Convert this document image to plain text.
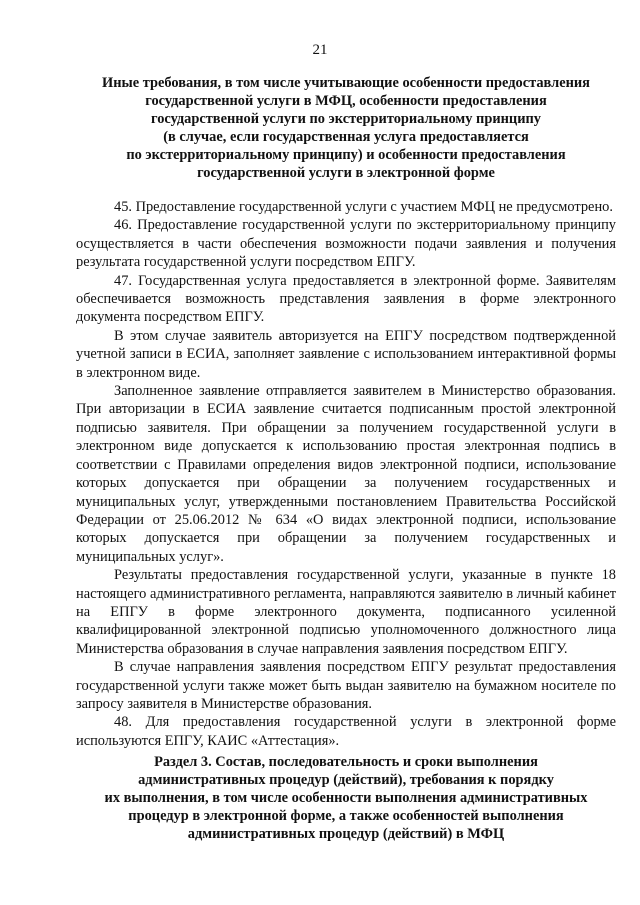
21
Иные требования, в том числе учитывающие особенности предоставления
государственной услуги в МФЦ, особенности предоставления
государственной услуги по экстерриториальному принципу
(в случае, если государственная услуга предоставляется
по экстерриториальному принципу) и особенности предоставления
государственной услуги в электронной форме

45. Предоставление государственной услуги с участием МФЦ не предусмотрено.

46. Предоставление государственной услуги по экстерриториальному принципу осуществляется в части обеспечения возможности подачи заявления и получения результата государственной услуги посредством ЕПГУ.

47. Государственная услуга предоставляется в электронной форме. Заявителям обеспечивается возможность представления заявления в форме электронного документа посредством ЕПГУ.

В этом случае заявитель авторизуется на ЕПГУ посредством подтвержденной учетной записи в ЕСИА, заполняет заявление с использованием интерактивной формы в электронном виде.

Заполненное заявление отправляется заявителем в Министерство образования. При авторизации в ЕСИА заявление считается подписанным простой электронной подписью заявителя. При обращении за получением государственной услуги в электронном виде допускается к использованию простая электронная подпись в соответствии с Правилами определения видов электронной подписи, использование которых допускается при обращении за получением государственных и муниципальных услуг, утвержденными постановлением Правительства Российской Федерации от 25.06.2012 № 634 «О видах электронной подписи, использование которых допускается при обращении за получением государственных и муниципальных услуг».

Результаты предоставления государственной услуги, указанные в пункте 18 настоящего административного регламента, направляются заявителю в личный кабинет на ЕПГУ в форме электронного документа, подписанного усиленной квалифицированной электронной подписью уполномоченного должностного лица Министерства образования в случае направления заявления посредством ЕПГУ.

В случае направления заявления посредством ЕПГУ результат предоставления государственной услуги также может быть выдан заявителю на бумажном носителе по запросу заявителя в Министерстве образования.

48. Для предоставления государственной услуги в электронной форме используются ЕПГУ, КАИС «Аттестация».

Раздел 3. Состав, последовательность и сроки выполнения
административных процедур (действий), требования к порядку
их выполнения, в том числе особенности выполнения административных
процедур в электронной форме, а также особенностей выполнения
административных процедур (действий) в МФЦ
